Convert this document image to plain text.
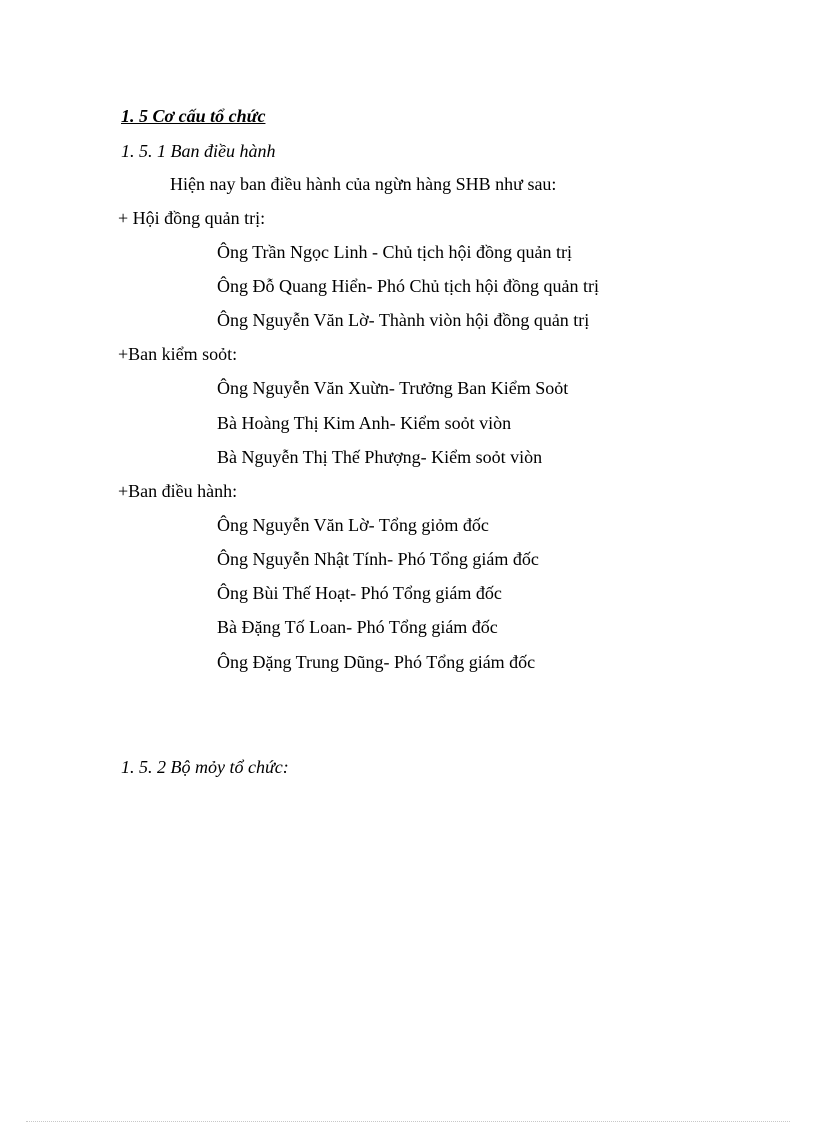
1. 5 Cơ cấu tổ chức
1. 5. 1 Ban điều hành
Hiện nay ban điều hành của ngừn hàng SHB như sau:
+ Hội đồng quản trị:
Ông Trần Ngọc Linh - Chủ tịch hội đồng quản trị
Ông Đỗ Quang Hiển- Phó Chủ tịch hội đồng quản trị
Ông Nguyễn Văn Lờ- Thành viòn hội đồng quản trị
+Ban kiểm soỏt:
Ông Nguyễn Văn Xuừn- Trưởng Ban Kiểm Soỏt
Bà Hoàng Thị Kim Anh- Kiểm soỏt viòn
Bà Nguyễn Thị Thế Phượng- Kiểm soỏt viòn
+Ban điều hành:
Ông Nguyễn Văn Lờ- Tổng giỏm đốc
Ông Nguyễn Nhật Tính- Phó Tổng giám đốc
Ông Bùi Thế Hoạt- Phó Tổng giám đốc
Bà Đặng Tố Loan- Phó Tổng giám đốc
Ông Đặng Trung Dũng- Phó Tổng giám đốc
1. 5. 2 Bộ mỏy tổ chức:
